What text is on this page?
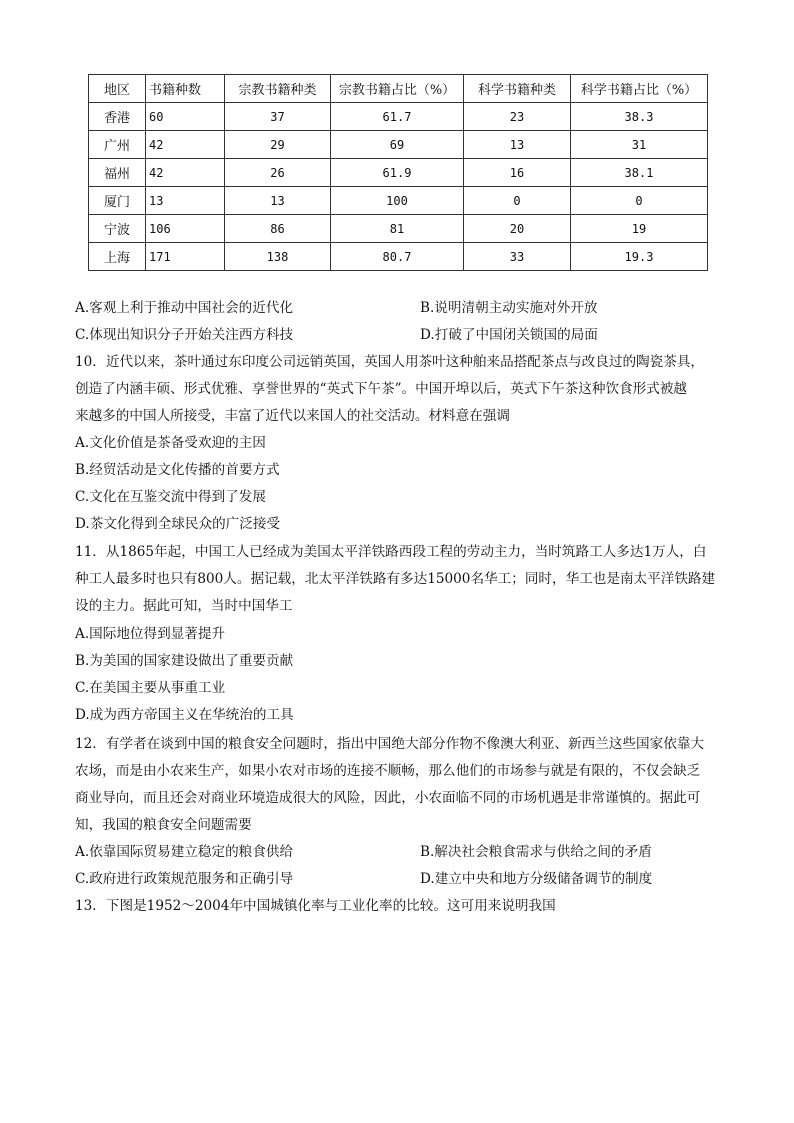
地区	书籍种数	宗教书籍种类	宗教书籍占比（%）	科学书籍种类	科学书籍占比（%）
香港	60	37	61.7	23	38.3
广州	42	29	69	13	31
福州	42	26	61.9	16	38.1
厦门	13	13	100	0	0
宁波	106	86	81	20	19
上海	171	138	80.7	33	19.3
A.客观上利于推动中国社会的近代化	B.说明清朝主动实施对外开放
C.体现出知识分子开始关注西方科技	D.打破了中国闭关锁国的局面
10．近代以来，茶叶通过东印度公司远销英国，英国人用茶叶这种舶来品搭配茶点与改良过的陶瓷茶具，
创造了内涵丰硕、形式优雅、享誉世界的“英式下午茶”。中国开埠以后，英式下午茶这种饮食形式被越
来越多的中国人所接受，丰富了近代以来国人的社交活动。材料意在强调
A.文化价值是茶备受欢迎的主因
B.经贸活动是文化传播的首要方式
C.文化在互鉴交流中得到了发展
D.茶文化得到全球民众的广泛接受
11．从1865年起，中国工人已经成为美国太平洋铁路西段工程的劳动主力，当时筑路工人多达1万人，白
种工人最多时也只有800人。据记载，北太平洋铁路有多达15000名华工；同时，华工也是南太平洋铁路建
设的主力。据此可知，当时中国华工
A.国际地位得到显著提升
B.为美国的国家建设做出了重要贡献
C.在美国主要从事重工业
D.成为西方帝国主义在华统治的工具
12．有学者在谈到中国的粮食安全问题时，指出中国绝大部分作物不像澳大利亚、新西兰这些国家依靠大
农场，而是由小农来生产，如果小农对市场的连接不顺畅，那么他们的市场参与就是有限的，不仅会缺乏
商业导向，而且还会对商业环境造成很大的风险，因此，小农面临不同的市场机遇是非常谨慎的。据此可
知，我国的粮食安全问题需要
A.依靠国际贸易建立稳定的粮食供给	B.解决社会粮食需求与供给之间的矛盾
C.政府进行政策规范服务和正确引导	D.建立中央和地方分级储备调节的制度
13．下图是1952～2004年中国城镇化率与工业化率的比较。这可用来说明我国
